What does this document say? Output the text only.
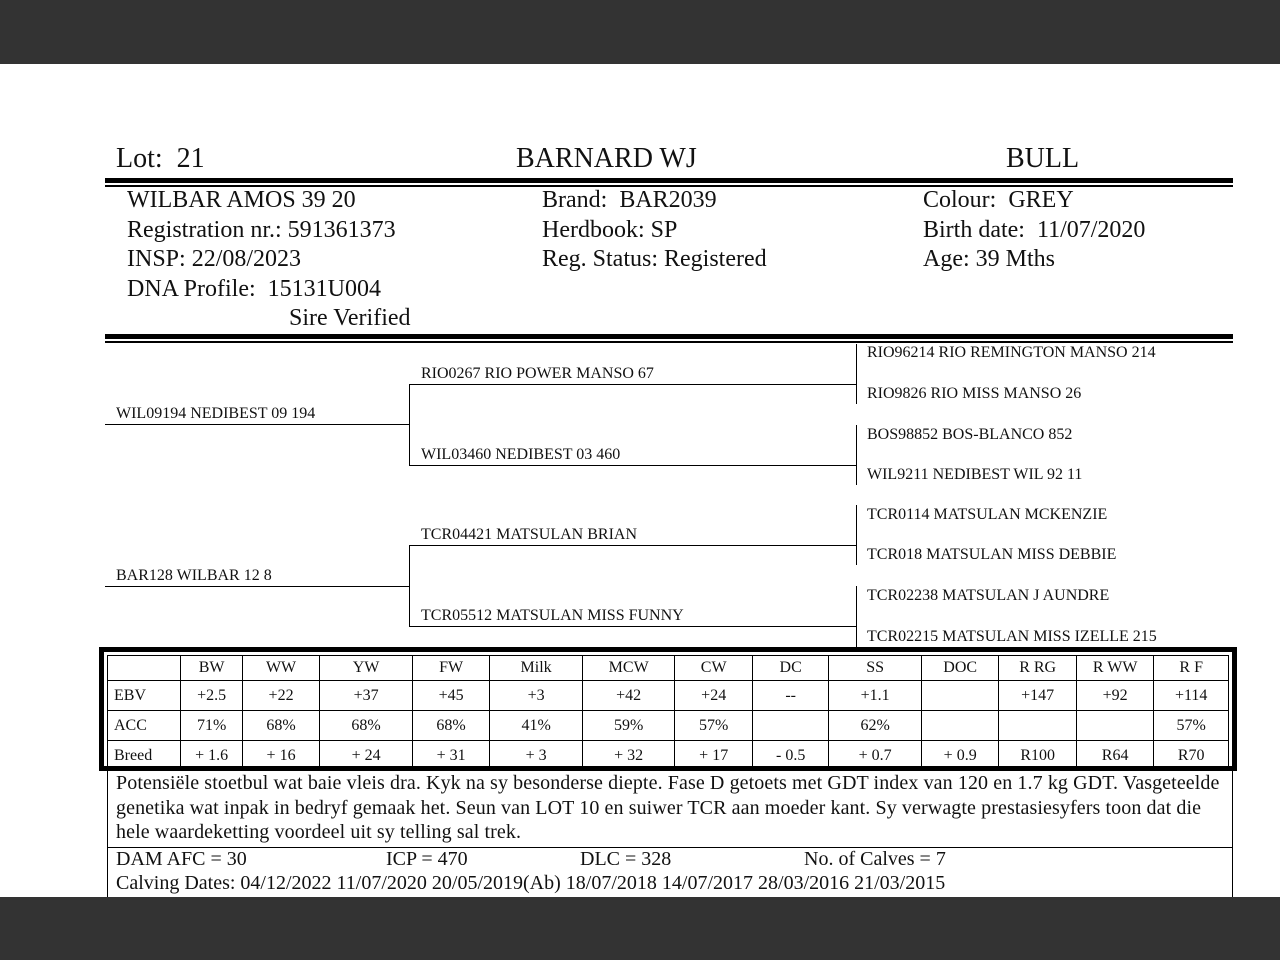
Lot: 21	BARNARD WJ	BULL
WILBAR AMOS 39 20
Registration nr.: 591361373
INSP: 22/08/2023
DNA Profile: 15131U004
Sire Verified
Brand: BAR2039
Herdbook: SP
Reg. Status: Registered
Colour: GREY
Birth date: 11/07/2020
Age: 39 Mths
WIL09194 NEDIBEST 09 194
BAR128 WILBAR 12 8
RIO0267 RIO POWER MANSO 67
WIL03460 NEDIBEST 03 460
TCR04421 MATSULAN BRIAN
TCR05512 MATSULAN MISS FUNNY
RIO96214 RIO REMINGTON MANSO 214
RIO9826 RIO MISS MANSO 26
BOS98852 BOS-BLANCO 852
WIL9211 NEDIBEST WIL 92 11
TCR0114 MATSULAN MCKENZIE
TCR018 MATSULAN MISS DEBBIE
TCR02238 MATSULAN J AUNDRE
TCR02215 MATSULAN MISS IZELLE 215
	BW	WW	YW	FW	Milk	MCW	CW	DC	SS	DOC	R RG	R WW	R F
EBV	+2.5	+22	+37	+45	+3	+42	+24	--	+1.1		+147	+92	+114
ACC	71%	68%	68%	68%	41%	59%	57%		62%				57%
Breed	+ 1.6	+ 16	+ 24	+ 31	+ 3	+ 32	+ 17	- 0.5	+ 0.7	+ 0.9	R100	R64	R70
Potensiële stoetbul wat baie vleis dra. Kyk na sy besonderse diepte. Fase D getoets met GDT index van 120 en 1.7 kg GDT. Vasgeteelde genetika wat inpak in bedryf gemaak het. Seun van LOT 10 en suiwer TCR aan moeder kant. Sy verwagte prestasiesyfers toon dat die hele waardeketting voordeel uit sy telling sal trek.
DAM AFC = 30	ICP = 470	DLC = 328	No. of Calves = 7
Calving Dates: 04/12/2022 11/07/2020 20/05/2019(Ab) 18/07/2018 14/07/2017 28/03/2016 21/03/2015
